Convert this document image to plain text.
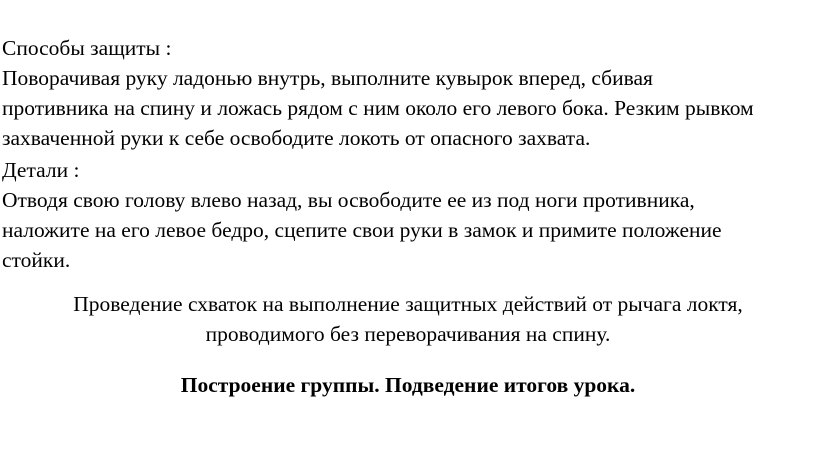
Способы защиты :

Поворачивая руку ладонью внутрь, выполните кувырок вперед, сбивая

противника на спину и ложась рядом с ним около его левого бока. Резким рывком

захваченной руки к себе освободите локоть от опасного захвата.

Детали :

Отводя свою голову влево назад, вы освободите ее из под ноги противника,

наложите на его левое бедро, сцепите свои руки в замок и примите положение

стойки.

Проведение схваток на выполнение защитных действий от рычага локтя,

проводимого без переворачивания на спину.

Построение группы. Подведение итогов урока.
